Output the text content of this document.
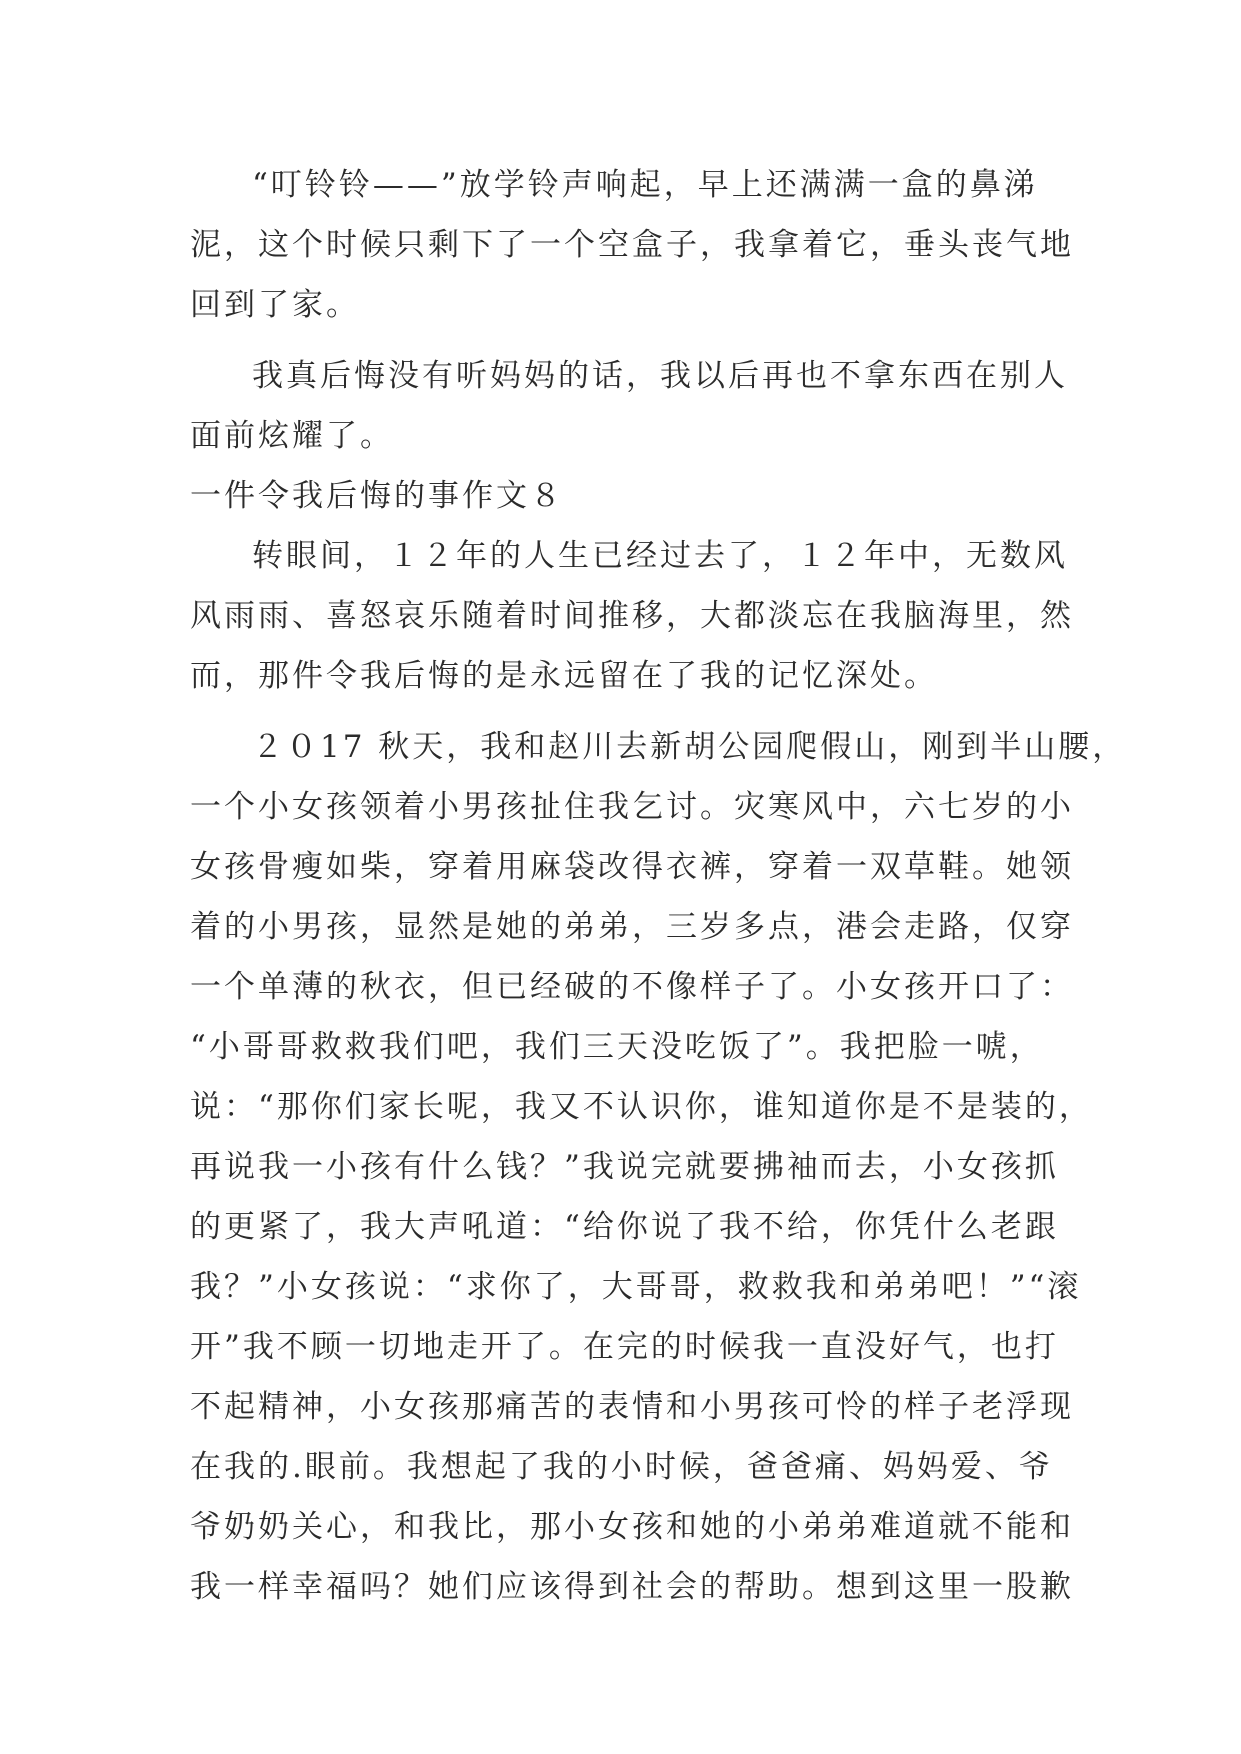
“叮铃铃——”放学铃声响起，早上还满满一盒的鼻涕
泥，这个时候只剩下了一个空盒子，我拿着它，垂头丧气地
回到了家。
我真后悔没有听妈妈的话，我以后再也不拿东西在别人
面前炫耀了。
一件令我后悔的事作文８
转眼间，１２年的人生已经过去了，１２年中，无数风
风雨雨、喜怒哀乐随着时间推移，大都淡忘在我脑海里，然
而，那件令我后悔的是永远留在了我的记忆深处。
２０17 秋天，我和赵川去新胡公园爬假山，刚到半山腰，
一个小女孩领着小男孩扯住我乞讨。灾寒风中，六七岁的小
女孩骨瘦如柴，穿着用麻袋改得衣裤，穿着一双草鞋。她领
着的小男孩，显然是她的弟弟，三岁多点，港会走路，仅穿
一个单薄的秋衣，但已经破的不像样子了。小女孩开口了：
“小哥哥救救我们吧，我们三天没吃饭了”。我把脸一唬，
说：“那你们家长呢，我又不认识你，谁知道你是不是装的，
再说我一小孩有什么钱？”我说完就要拂袖而去，小女孩抓
的更紧了，我大声吼道：“给你说了我不给，你凭什么老跟
我？”小女孩说：“求你了，大哥哥，救救我和弟弟吧！”“滚
开”我不顾一切地走开了。在完的时候我一直没好气，也打
不起精神，小女孩那痛苦的表情和小男孩可怜的样子老浮现
在我的.眼前。我想起了我的小时候，爸爸痛、妈妈爱、爷
爷奶奶关心，和我比，那小女孩和她的小弟弟难道就不能和
我一样幸福吗？她们应该得到社会的帮助。想到这里一股歉
